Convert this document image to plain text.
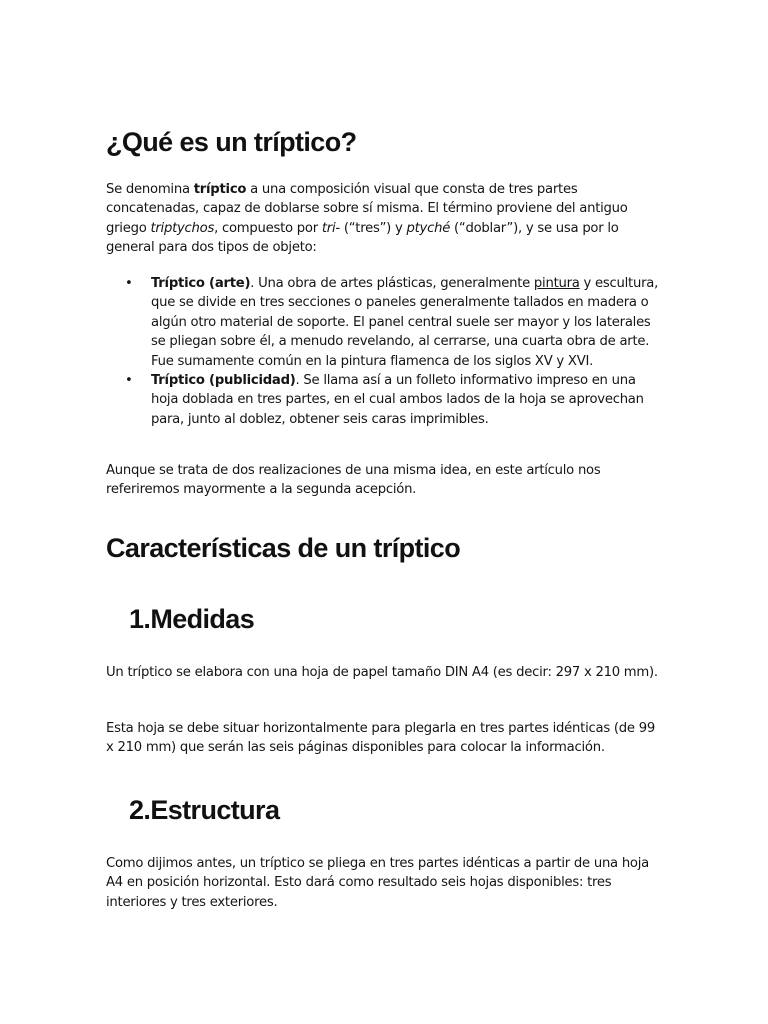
¿Qué es un tríptico?

Se denomina tríptico a una composición visual que consta de tres partes concatenadas, capaz de doblarse sobre sí misma. El término proviene del antiguo griego triptychos, compuesto por tri- (“tres”) y ptyché (“doblar”), y se usa por lo general para dos tipos de objeto:

• Tríptico (arte). Una obra de artes plásticas, generalmente pintura y escultura, que se divide en tres secciones o paneles generalmente tallados en madera o algún otro material de soporte. El panel central suele ser mayor y los laterales se pliegan sobre él, a menudo revelando, al cerrarse, una cuarta obra de arte. Fue sumamente común en la pintura flamenca de los siglos XV y XVI.
• Tríptico (publicidad). Se llama así a un folleto informativo impreso en una hoja doblada en tres partes, en el cual ambos lados de la hoja se aprovechan para, junto al doblez, obtener seis caras imprimibles.

Aunque se trata de dos realizaciones de una misma idea, en este artículo nos referiremos mayormente a la segunda acepción.

Características de un tríptico
1.Medidas

Un tríptico se elabora con una hoja de papel tamaño DIN A4 (es decir: 297 x 210 mm).

Esta hoja se debe situar horizontalmente para plegarla en tres partes idénticas (de 99 x 210 mm) que serán las seis páginas disponibles para colocar la información.

2.Estructura

Como dijimos antes, un tríptico se pliega en tres partes idénticas a partir de una hoja A4 en posición horizontal. Esto dará como resultado seis hojas disponibles: tres interiores y tres exteriores.
